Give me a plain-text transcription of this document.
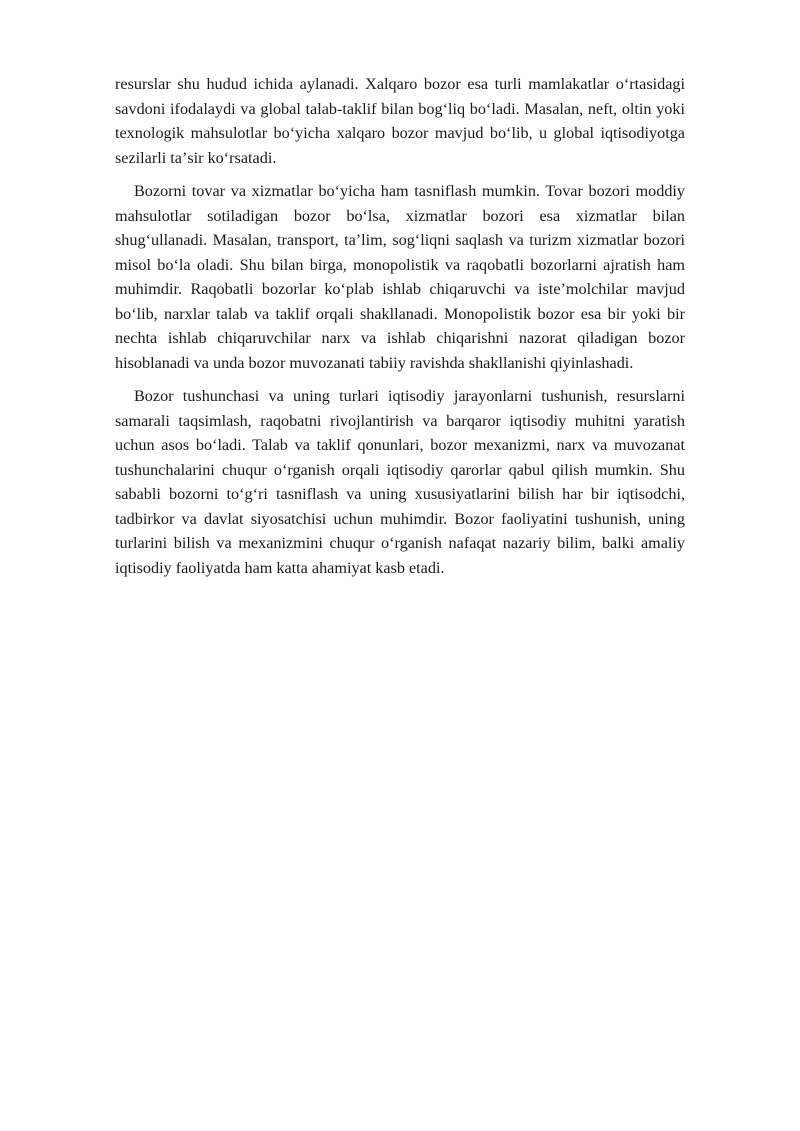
resurslar shu hudud ichida aylanadi. Xalqaro bozor esa turli mamlakatlar oʻrtasidagi savdoni ifodalaydi va global talab-taklif bilan bogʻliq boʻladi. Masalan, neft, oltin yoki texnologik mahsulotlar boʻyicha xalqaro bozor mavjud boʻlib, u global iqtisodiyotga sezilarli taʼsir koʻrsatadi.

Bozorni tovar va xizmatlar boʻyicha ham tasniflash mumkin. Tovar bozori moddiy mahsulotlar sotiladigan bozor boʻlsa, xizmatlar bozori esa xizmatlar bilan shugʻullanadi. Masalan, transport, taʼlim, sogʻliqni saqlash va turizm xizmatlar bozori misol boʻla oladi. Shu bilan birga, monopolistik va raqobatli bozorlarni ajratish ham muhimdir. Raqobatli bozorlar koʻplab ishlab chiqaruvchi va isteʼmolchilar mavjud boʻlib, narxlar talab va taklif orqali shakllanadi. Monopolistik bozor esa bir yoki bir nechta ishlab chiqaruvchilar narx va ishlab chiqarishni nazorat qiladigan bozor hisoblanadi va unda bozor muvozanati tabiiy ravishda shakllanishi qiyinlashadi.

Bozor tushunchasi va uning turlari iqtisodiy jarayonlarni tushunish, resurslarni samarali taqsimlash, raqobatni rivojlantirish va barqaror iqtisodiy muhitni yaratish uchun asos boʻladi. Talab va taklif qonunlari, bozor mexanizmi, narx va muvozanat tushunchalarini chuqur oʻrganish orqali iqtisodiy qarorlar qabul qilish mumkin. Shu sababli bozorni toʻgʻri tasniflash va uning xususiyatlarini bilish har bir iqtisodchi, tadbirkor va davlat siyosatchisi uchun muhimdir. Bozor faoliyatini tushunish, uning turlarini bilish va mexanizmini chuqur oʻrganish nafaqat nazariy bilim, balki amaliy iqtisodiy faoliyatda ham katta ahamiyat kasb etadi.
